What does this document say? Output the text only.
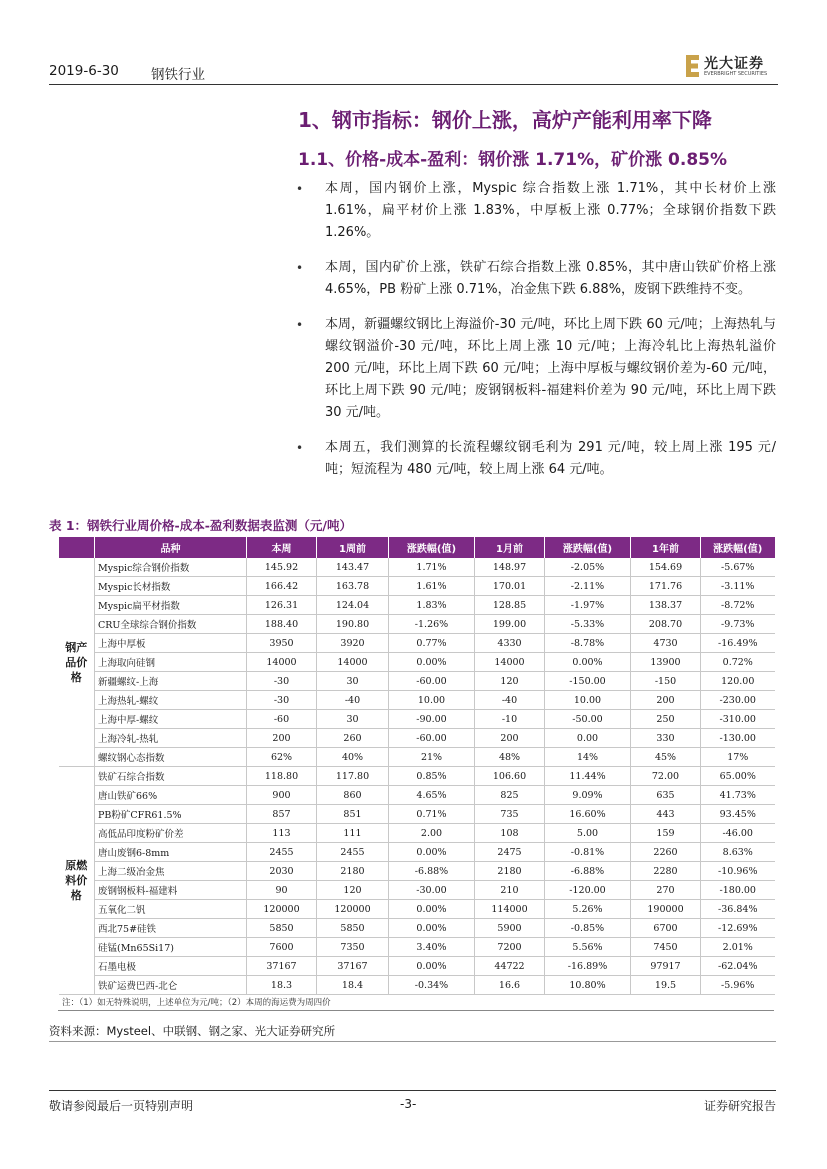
2019-6-30 钢铁行业
光大证券
EVERBRIGHT SECURITIES
1、钢市指标：钢价上涨，高炉产能利用率下降
1.1、价格-成本-盈利：钢价涨 1.71%，矿价涨 0.85%
• 本周，国内钢价上涨，Myspic 综合指数上涨 1.71%，其中长材价上涨 1.61%，扁平材价上涨 1.83%，中厚板上涨 0.77%；全球钢价指数下跌 1.26%。
• 本周，国内矿价上涨，铁矿石综合指数上涨 0.85%，其中唐山铁矿价格上涨 4.65%，PB 粉矿上涨 0.71%，冶金焦下跌 6.88%，废钢下跌维持不变。
• 本周，新疆螺纹钢比上海溢价-30 元/吨，环比上周下跌 60 元/吨；上海热轧与螺纹钢溢价-30 元/吨，环比上周上涨 10 元/吨；上海冷轧比上海热轧溢价 200 元/吨，环比上周下跌 60 元/吨；上海中厚板与螺纹钢价差为-60 元/吨，环比上周下跌 90 元/吨；废钢钢板料-福建料价差为 90 元/吨，环比上周下跌 30 元/吨。
• 本周五，我们测算的长流程螺纹钢毛利为 291 元/吨，较上周上涨 195 元/吨；短流程为 480 元/吨，较上周上涨 64 元/吨。
表 1：钢铁行业周价格-成本-盈利数据表监测（元/吨）
	品种	本周	1周前	涨跌幅(值)	1月前	涨跌幅(值)	1年前	涨跌幅(值)
钢产品价格	Myspic综合钢价指数	145.92	143.47	1.71%	148.97	-2.05%	154.69	-5.67%
	Myspic长材指数	166.42	163.78	1.61%	170.01	-2.11%	171.76	-3.11%
	Myspic扁平材指数	126.31	124.04	1.83%	128.85	-1.97%	138.37	-8.72%
	CRU全球综合钢价指数	188.40	190.80	-1.26%	199.00	-5.33%	208.70	-9.73%
	上海中厚板	3950	3920	0.77%	4330	-8.78%	4730	-16.49%
	上海取向硅钢	14000	14000	0.00%	14000	0.00%	13900	0.72%
	新疆螺纹-上海	-30	30	-60.00	120	-150.00	-150	120.00
	上海热轧-螺纹	-30	-40	10.00	-40	10.00	200	-230.00
	上海中厚-螺纹	-60	30	-90.00	-10	-50.00	250	-310.00
	上海冷轧-热轧	200	260	-60.00	200	0.00	330	-130.00
	螺纹钢心态指数	62%	40%	21%	48%	14%	45%	17%
原燃料价格	铁矿石综合指数	118.80	117.80	0.85%	106.60	11.44%	72.00	65.00%
	唐山铁矿66%	900	860	4.65%	825	9.09%	635	41.73%
	PB粉矿CFR61.5%	857	851	0.71%	735	16.60%	443	93.45%
	高低品印度粉矿价差	113	111	2.00	108	5.00	159	-46.00
	唐山废钢6-8mm	2455	2455	0.00%	2475	-0.81%	2260	8.63%
	上海二级冶金焦	2030	2180	-6.88%	2180	-6.88%	2280	-10.96%
	废钢钢板料-福建料	90	120	-30.00	210	-120.00	270	-180.00
	五氧化二钒	120000	120000	0.00%	114000	5.26%	190000	-36.84%
	西北75#硅铁	5850	5850	0.00%	5900	-0.85%	6700	-12.69%
	硅锰(Mn65Si17)	7600	7350	3.40%	7200	5.56%	7450	2.01%
	石墨电极	37167	37167	0.00%	44722	-16.89%	97917	-62.04%
	铁矿运费巴西-北仑	18.3	18.4	-0.34%	16.6	10.80%	19.5	-5.96%
注：（1）如无特殊说明，上述单位为元/吨；（2）本周的海运费为周四价
资料来源：Mysteel、中联钢、钢之家、光大证券研究所
敬请参阅最后一页特别声明	-3-	证券研究报告
